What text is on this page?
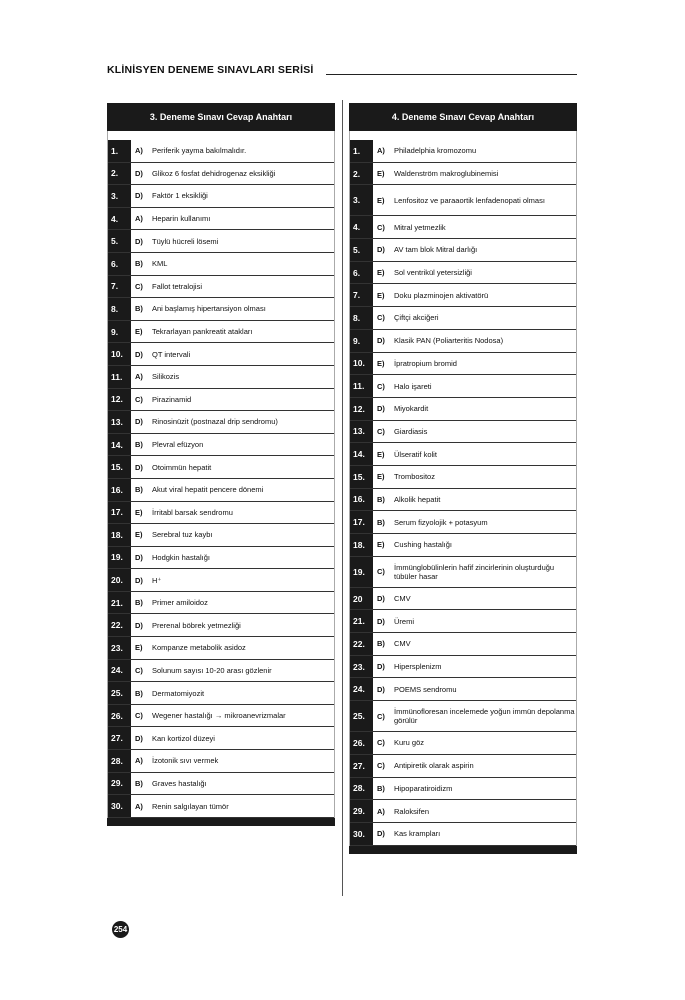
KLİNİSYEN DENEME SINAVLARI SERİSİ
3. Deneme Sınavı Cevap Anahtarı
1.	A)	Periferik yayma bakılmalıdır.
2.	D)	Glikoz 6 fosfat dehidrogenaz eksikliği
3.	D)	Faktör 1 eksikliği
4.	A)	Heparin kullanımı
5.	D)	Tüylü hücreli lösemi
6.	B)	KML
7.	C)	Fallot tetralojisi
8.	B)	Ani başlamış hipertansiyon olması
9.	E)	Tekrarlayan pankreatit atakları
10.	D)	QT intervali
11.	A)	Silikozis
12.	C)	Pirazinamid
13.	D)	Rinosinüzit (postnazal drip sendromu)
14.	B)	Plevral efüzyon
15.	D)	Otoimmün hepatit
16.	B)	Akut viral hepatit pencere dönemi
17.	E)	İrritabl barsak sendromu
18.	E)	Serebral tuz kaybı
19.	D)	Hodgkin hastalığı
20.	D)	H⁺
21.	B)	Primer amiloidoz
22.	D)	Prerenal böbrek yetmezliği
23.	E)	Kompanze metabolik asidoz
24.	C)	Solunum sayısı 10-20 arası gözlenir
25.	B)	Dermatomiyozit
26.	C)	Wegener hastalığı → mikroanevrizmalar
27.	D)	Kan kortizol düzeyi
28.	A)	İzotonik sıvı vermek
29.	B)	Graves hastalığı
30.	A)	Renin salgılayan tümör
4. Deneme Sınavı Cevap Anahtarı
1.	A)	Philadelphia kromozomu
2.	E)	Waldenström makroglubinemisi
3.	E)	Lenfositoz ve paraaortik lenfadenopati olması
4.	C)	Mitral yetmezlik
5.	D)	AV tam blok Mitral darlığı
6.	E)	Sol ventrikül yetersizliği
7.	E)	Doku plazminojen aktivatörü
8.	C)	Çiftçi akciğeri
9.	D)	Klasik PAN (Poliarteritis Nodosa)
10.	E)	İpratropium bromid
11.	C)	Halo işareti
12.	D)	Miyokardit
13.	C)	Giardiasis
14.	E)	Ülseratif kolit
15.	E)	Trombositoz
16.	B)	Alkolik hepatit
17.	B)	Serum fizyolojik + potasyum
18.	E)	Cushing hastalığı
19.	C)	İmmünglobülinlerin hafif zincirlerinin oluşturduğu tübüler hasar
20	D)	CMV
21.	D)	Üremi
22.	B)	CMV
23.	D)	Hipersplenizm
24.	D)	POEMS sendromu
25.	C)	İmmünofloresan incelemede yoğun immün depolanma görülür
26.	C)	Kuru göz
27.	C)	Antipiretik olarak aspirin
28.	B)	Hipoparatiroidizm
29.	A)	Raloksifen
30.	D)	Kas krampları
254
